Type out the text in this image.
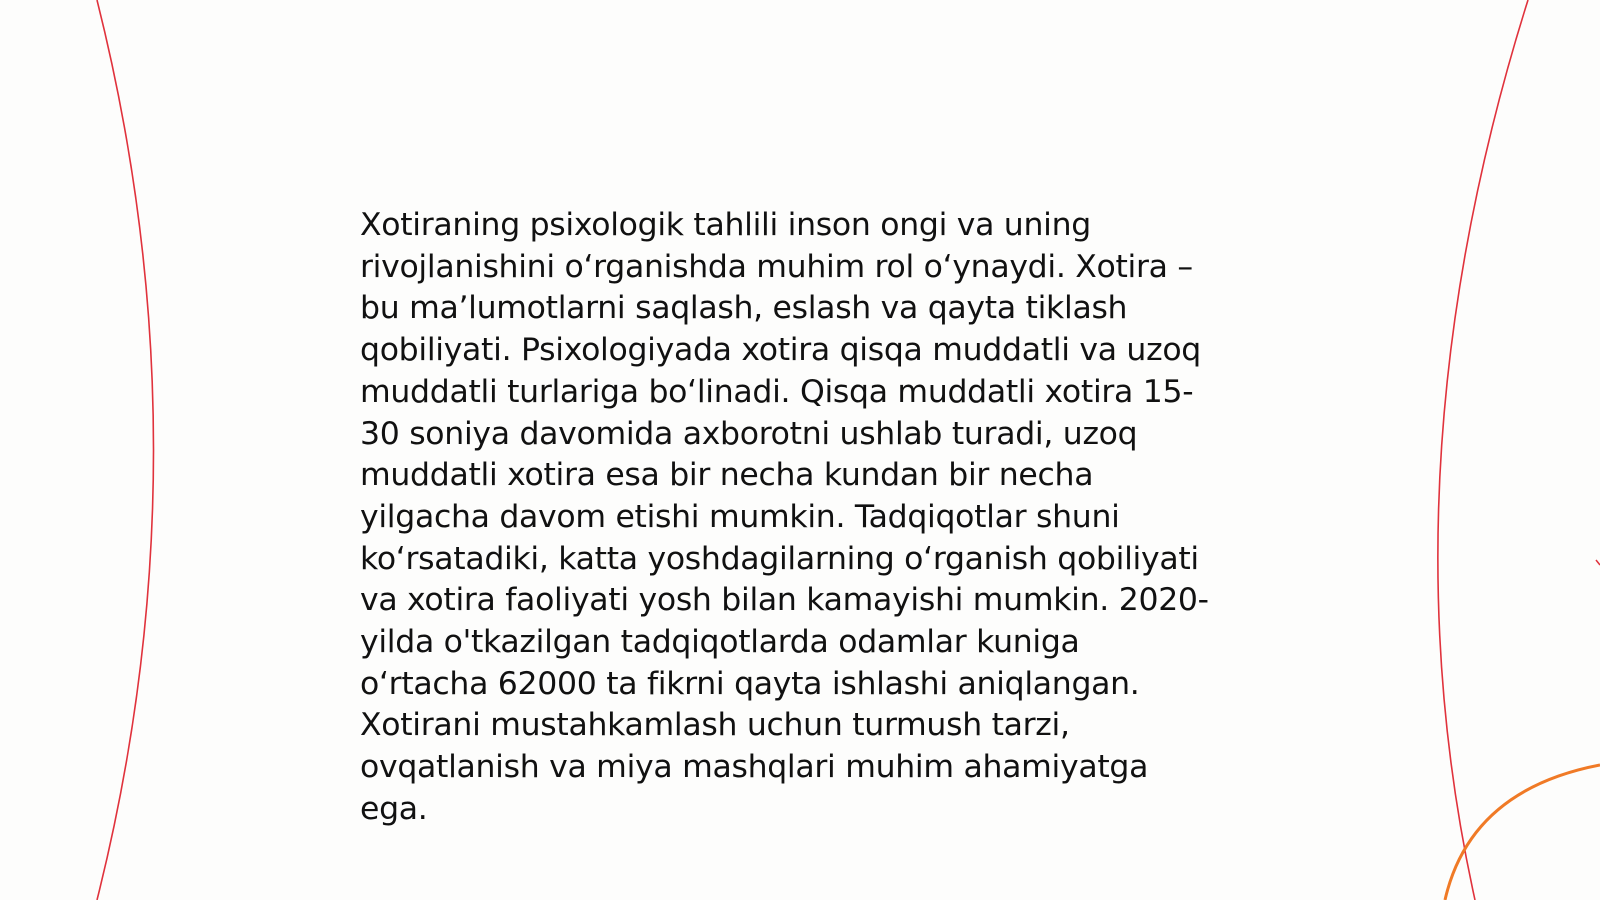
Xotiraning psixologik tahlili inson ongi va uning
rivojlanishini o‘rganishda muhim rol o‘ynaydi. Xotira –
bu ma’lumotlarni saqlash, eslash va qayta tiklash
qobiliyati. Psixologiyada xotira qisqa muddatli va uzoq
muddatli turlariga bo‘linadi. Qisqa muddatli xotira 15-
30 soniya davomida axborotni ushlab turadi, uzoq
muddatli xotira esa bir necha kundan bir necha
yilgacha davom etishi mumkin. Tadqiqotlar shuni
ko‘rsatadiki, katta yoshdagilarning o‘rganish qobiliyati
va xotira faoliyati yosh bilan kamayishi mumkin. 2020-
yilda o'tkazilgan tadqiqotlarda odamlar kuniga
o‘rtacha 62000 ta fikrni qayta ishlashi aniqlangan.
Xotirani mustahkamlash uchun turmush tarzi,
ovqatlanish va miya mashqlari muhim ahamiyatga
ega.
